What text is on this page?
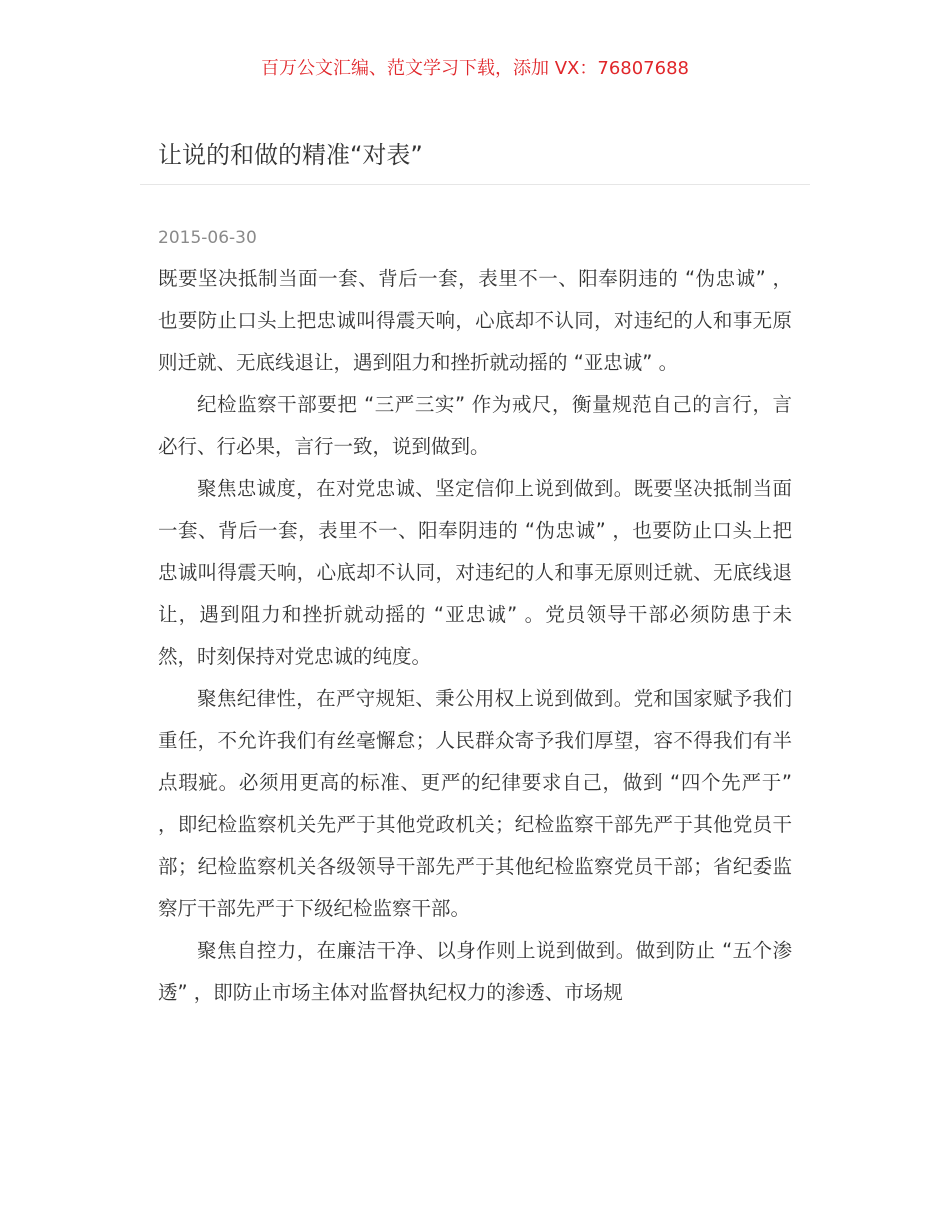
百万公文汇编、范文学习下载，添加 VX：76807688
让说的和做的精准“对表”
2015-06-30

既要坚决抵制当面一套、背后一套，表里不一、阳奉阴违的 “伪忠诚” ，也要防止口头上把忠诚叫得震天响，心底却不认同，对违纪的人和事无原则迁就、无底线退让，遇到阻力和挫折就动摇的 “亚忠诚” 。

纪检监察干部要把 “三严三实” 作为戒尺，衡量规范自己的言行，言必行、行必果，言行一致，说到做到。

聚焦忠诚度，在对党忠诚、坚定信仰上说到做到。既要坚决抵制当面一套、背后一套，表里不一、阳奉阴违的 “伪忠诚” ，也要防止口头上把忠诚叫得震天响，心底却不认同，对违纪的人和事无原则迁就、无底线退让，遇到阻力和挫折就动摇的 “亚忠诚” 。党员领导干部必须防患于未然，时刻保持对党忠诚的纯度。

聚焦纪律性，在严守规矩、秉公用权上说到做到。党和国家赋予我们重任，不允许我们有丝毫懈怠；人民群众寄予我们厚望，容不得我们有半点瑕疵。必须用更高的标准、更严的纪律要求自己，做到 “四个先严于” ，即纪检监察机关先严于其他党政机关；纪检监察干部先严于其他党员干部；纪检监察机关各级领导干部先严于其他纪检监察党员干部；省纪委监察厅干部先严于下级纪检监察干部。

聚焦自控力，在廉洁干净、以身作则上说到做到。做到防止 “五个渗透” ，即防止市场主体对监督执纪权力的渗透、市场规
